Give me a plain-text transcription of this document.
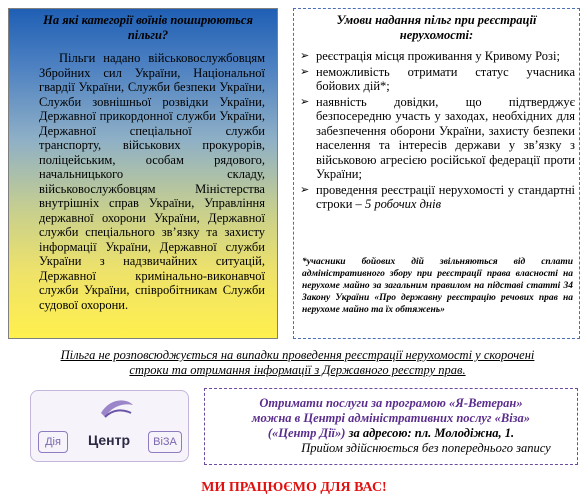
На які категорії воїнів поширюються пільги?
Пільги надано військовослужбовцям Збройних сил України, Національної гвардії України, Служби безпеки України, Служби зовнішньої розвідки України, Державної прикордонної служби України, Державної спеціальної служби транспорту, військових прокурорів, поліцейським, особам рядового, начальницького складу, військовослужбовцям Міністерства внутрішніх справ України, Управління державної охорони України, Державної служби спеціального зв’язку та захисту інформації України, Державної служби України з надзвичайних ситуацій, Державної кримінально-виконавчої служби України, співробітникам Служби судової охорони.
Умови надання пільг при реєстрації нерухомості:
➢ реєстрація місця проживання у Кривому Розі;
➢ неможливість отримати статус учасника бойових дій*;
➢ наявність довідки, що підтверджує безпосередню участь у заходах, необхідних для забезпечення оборони України, захисту безпеки населення та інтересів держави у зв’язку з військовою агресією російської федерації проти України;
➢ проведення реєстрації нерухомості у стандартні строки – 5 робочих днів
*учасники бойових дій звільняються від сплати адміністративного збору при реєстрації права власності на нерухоме майно за загальним правилом на підставі статті 34 Закону України «Про державну реєстрацію речових прав на нерухоме майно та їх обтяжень»
Пільга не розповсюджується на випадки проведення реєстрації нерухомості у скорочені строки та отримання інформації з Державного реєстру прав.
Дія	Центр	ВіЗА
Отримати послуги за програмою «Я-Ветеран»
можна в Центрі адміністративних послуг «Віза»
(«Центр Дії») за адресою: пл. Молодіжна, 1.
Прийом здійснюється без попереднього запису
МИ ПРАЦЮЄМО ДЛЯ ВАС!
